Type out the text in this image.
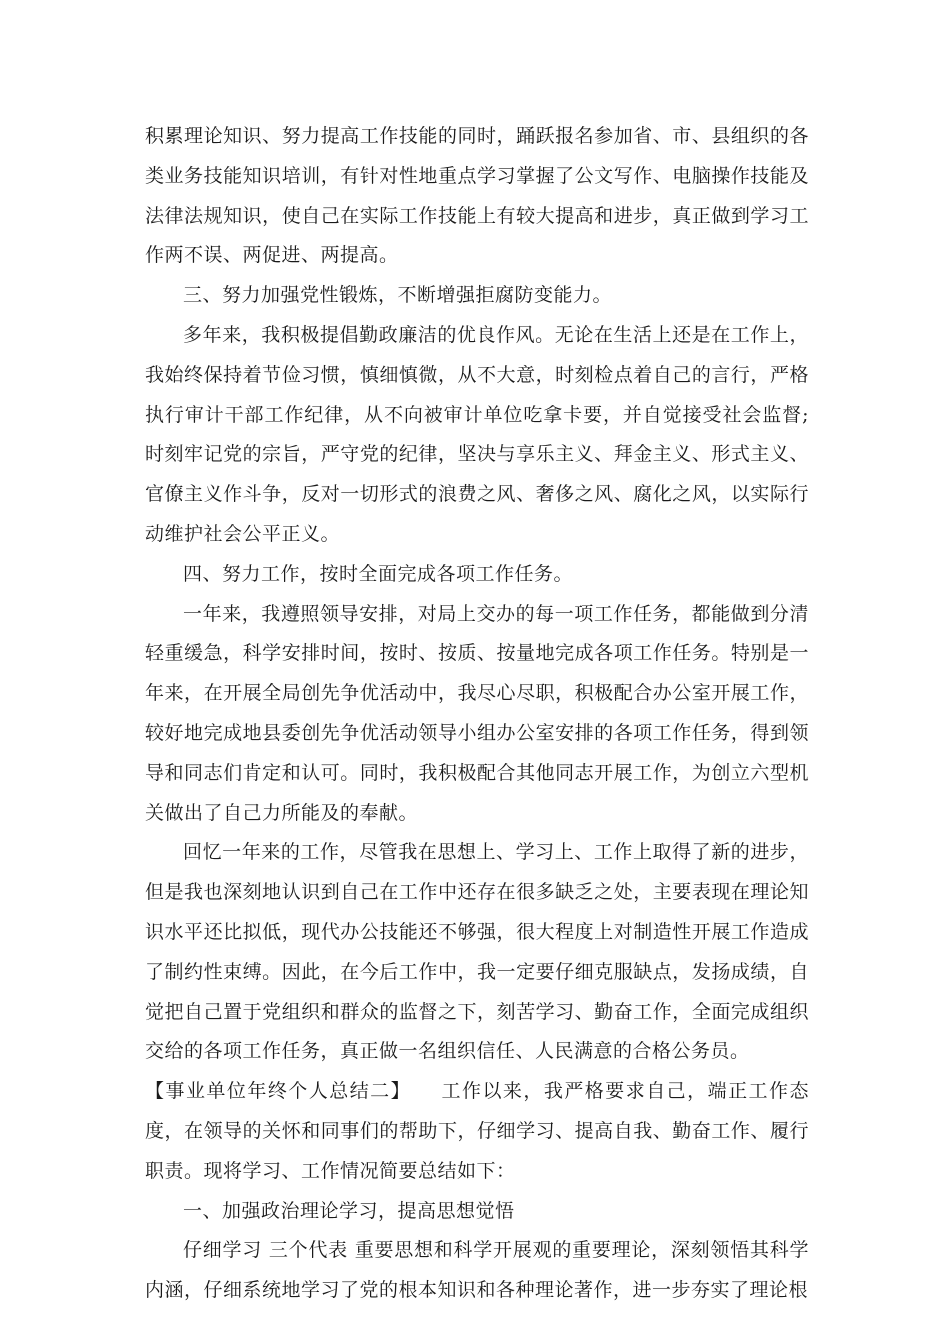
积累理论知识、努力提高工作技能的同时，踊跃报名参加省、市、县组织的各类业务技能知识培训，有针对性地重点学习掌握了公文写作、电脑操作技能及法律法规知识，使自己在实际工作技能上有较大提高和进步，真正做到学习工作两不误、两促进、两提高。

三、努力加强党性锻炼，不断增强拒腐防变能力。

多年来，我积极提倡勤政廉洁的优良作风。无论在生活上还是在工作上，我始终保持着节俭习惯，慎细慎微，从不大意，时刻检点着自己的言行，严格执行审计干部工作纪律，从不向被审计单位吃拿卡要，并自觉接受社会监督;时刻牢记党的宗旨，严守党的纪律，坚决与享乐主义、拜金主义、形式主义、官僚主义作斗争，反对一切形式的浪费之风、奢侈之风、腐化之风，以实际行动维护社会公平正义。

四、努力工作，按时全面完成各项工作任务。

一年来，我遵照领导安排，对局上交办的每一项工作任务，都能做到分清轻重缓急，科学安排时间，按时、按质、按量地完成各项工作任务。特别是一年来，在开展全局创先争优活动中，我尽心尽职，积极配合办公室开展工作，较好地完成地县委创先争优活动领导小组办公室安排的各项工作任务，得到领导和同志们肯定和认可。同时，我积极配合其他同志开展工作，为创立六型机关做出了自己力所能及的奉献。

回忆一年来的工作，尽管我在思想上、学习上、工作上取得了新的进步，但是我也深刻地认识到自己在工作中还存在很多缺乏之处，主要表现在理论知识水平还比拟低，现代办公技能还不够强，很大程度上对制造性开展工作造成了制约性束缚。因此，在今后工作中，我一定要仔细克服缺点，发扬成绩，自觉把自己置于党组织和群众的监督之下，刻苦学习、勤奋工作，全面完成组织交给的各项工作任务，真正做一名组织信任、人民满意的合格公务员。

【事业单位年终个人总结二】 工作以来，我严格要求自己，端正工作态度，在领导的关怀和同事们的帮助下，仔细学习、提高自我、勤奋工作、履行职责。现将学习、工作情况简要总结如下：

一、加强政治理论学习，提高思想觉悟

仔细学习 三个代表 重要思想和科学开展观的重要理论，深刻领悟其科学内涵，仔细系统地学习了党的根本知识和各种理论著作，进一步夯实了理论根
